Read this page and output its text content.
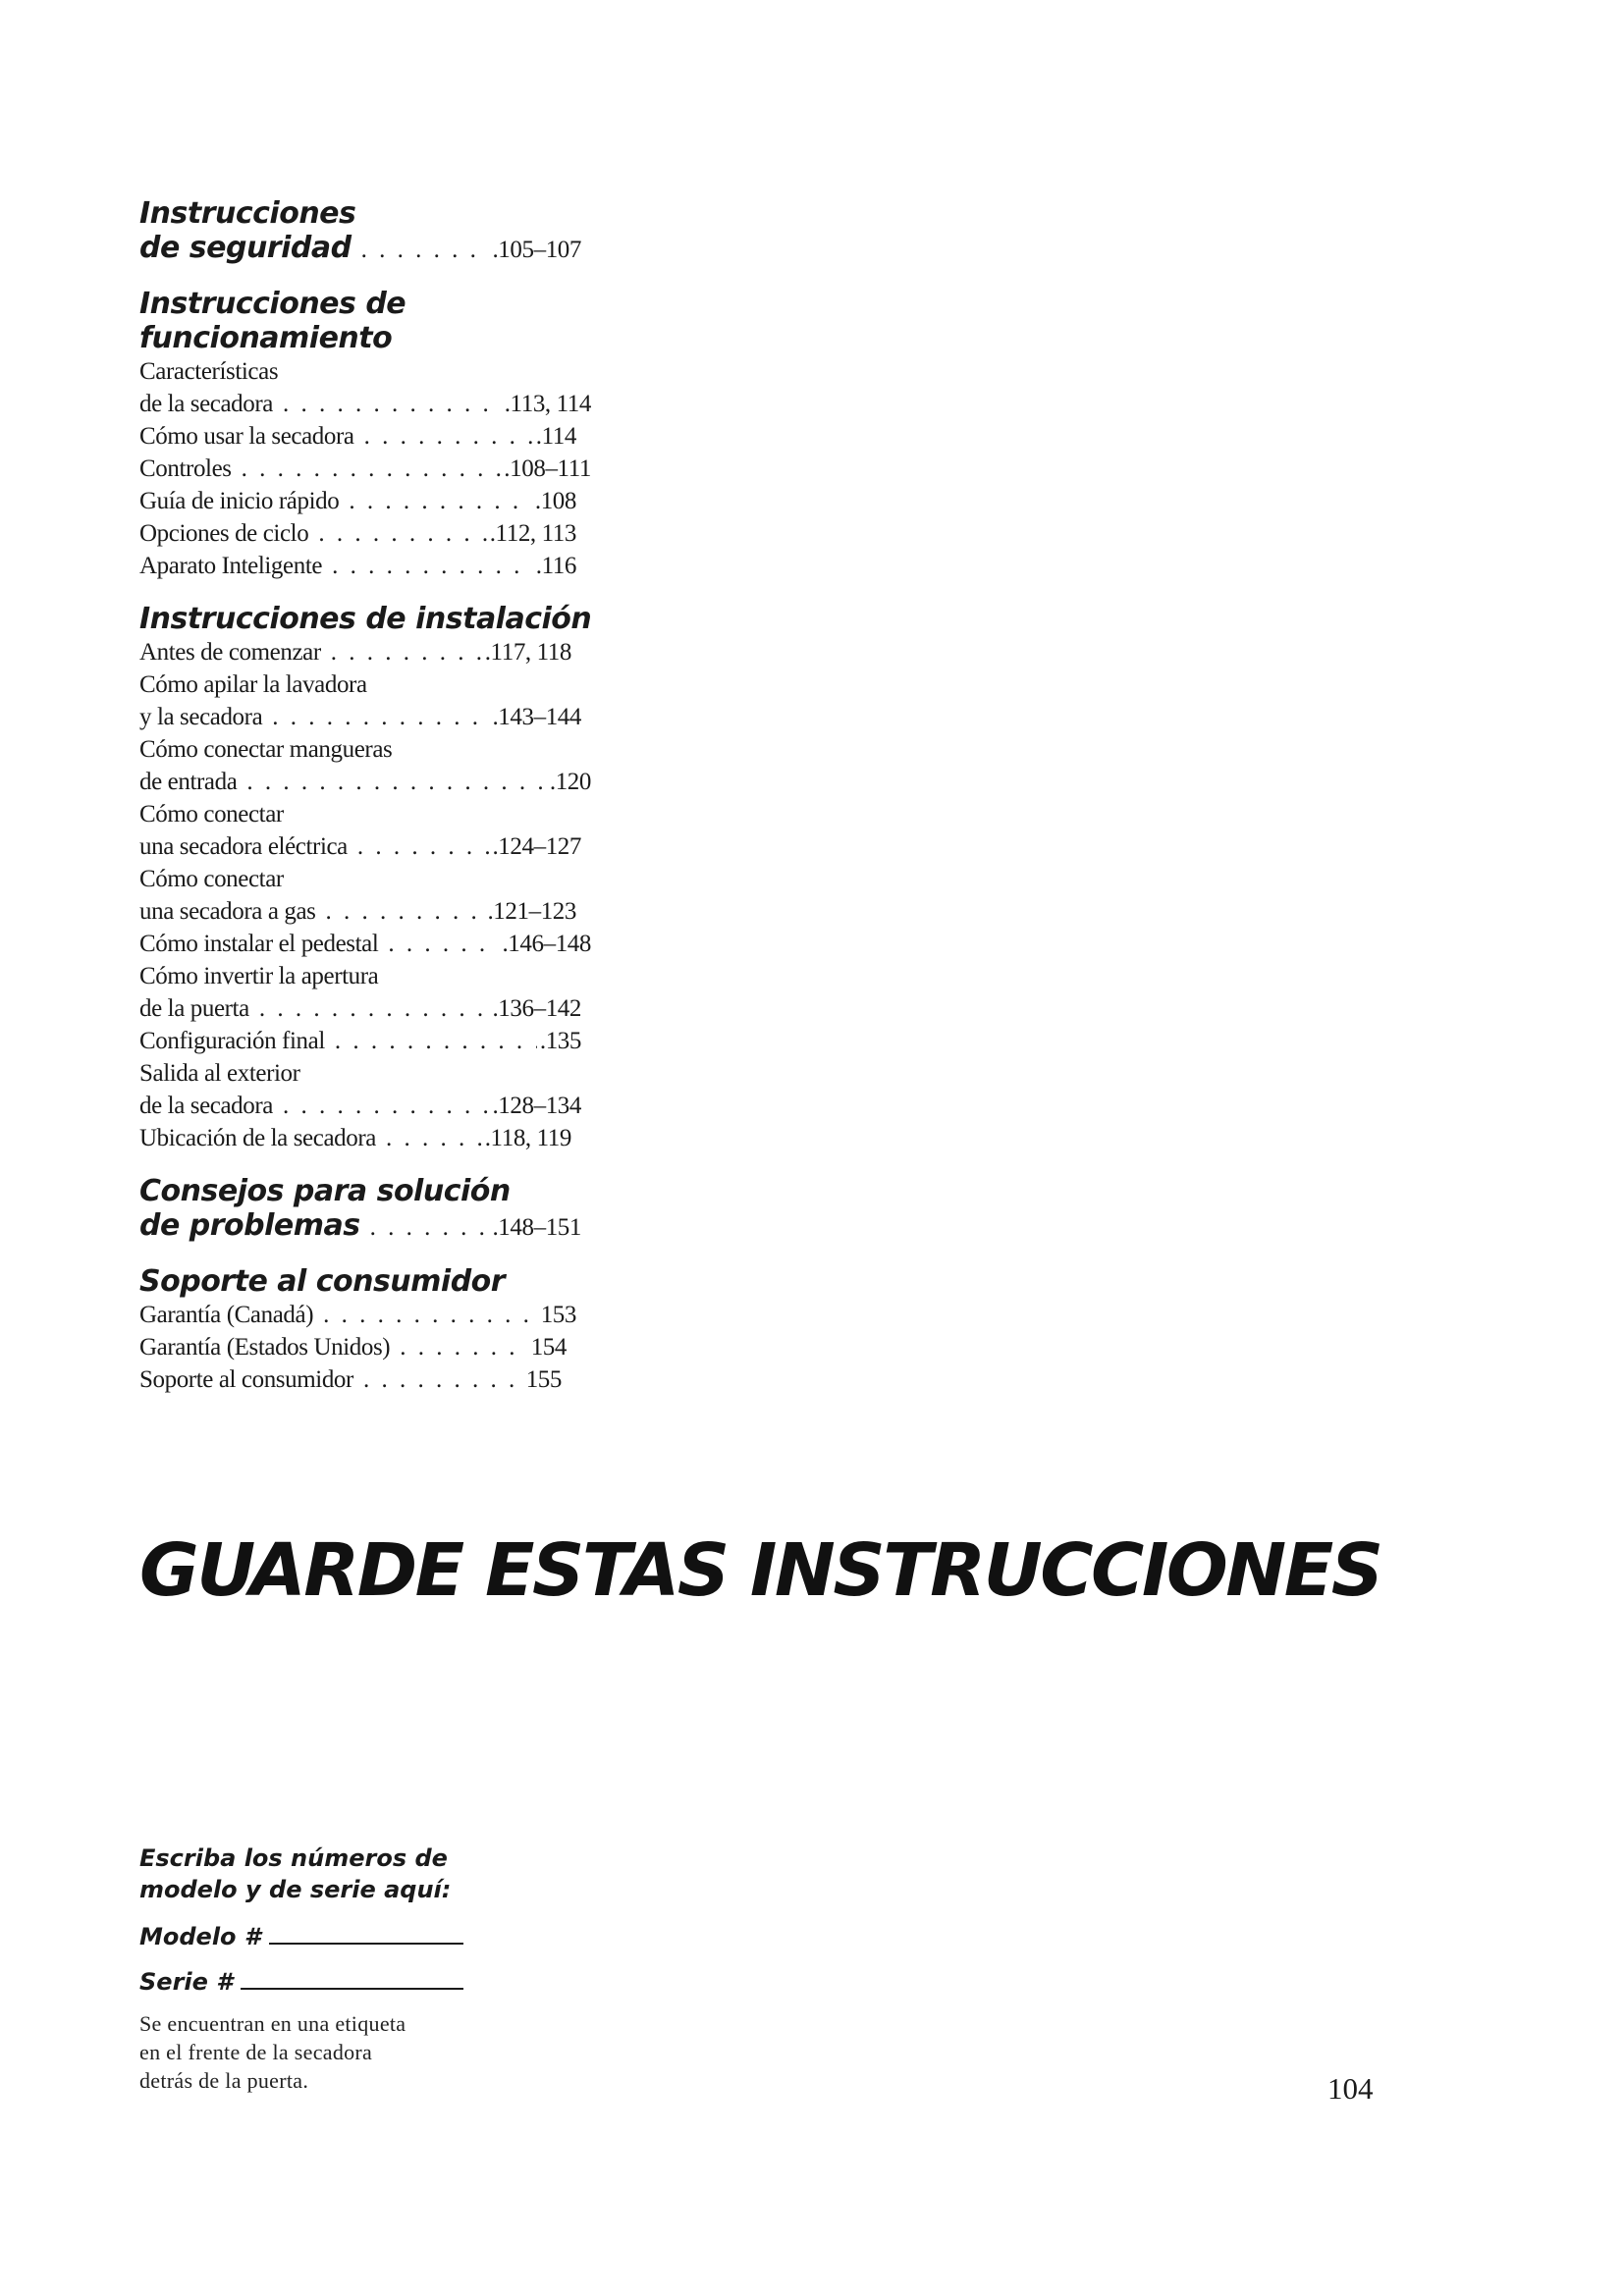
Instrucciones
de seguridad . . .	.105–107
Instrucciones de funcionamiento
Características
de la secadora . . .	.113, 114
Cómo usar la secadora . . .	.114
Controles . . .	.108–111
Guía de inicio rápido . . .	.108
Opciones de ciclo . . .	.112, 113
Aparato Inteligente . . .	.116
Instrucciones de instalación
Antes de comenzar . . .	.117, 118
Cómo apilar la lavadora
y la secadora . . .	.143–144
Cómo conectar mangueras
de entrada . . .	.120
Cómo conectar
una secadora eléctrica . . .	.124–127
Cómo conectar
una secadora a gas . . .	.121–123
Cómo instalar el pedestal . . .	.146–148
Cómo invertir la apertura
de la puerta . . .	.136–142
Configuración final . . .	.135
Salida al exterior
de la secadora . . .	.128–134
Ubicación de la secadora . . .	.118, 119
Consejos para solución
de problemas . . .	.148–151
Soporte al consumidor
Garantía (Canadá) . . .	153
Garantía (Estados Unidos) . . .	154
Soporte al consumidor . . .	155
GUARDE ESTAS INSTRUCCIONES
Escriba los números de
modelo y de serie aquí:
Modelo #
Serie #
Se encuentran en una etiqueta
en el frente de la secadora
detrás de la puerta.	104
